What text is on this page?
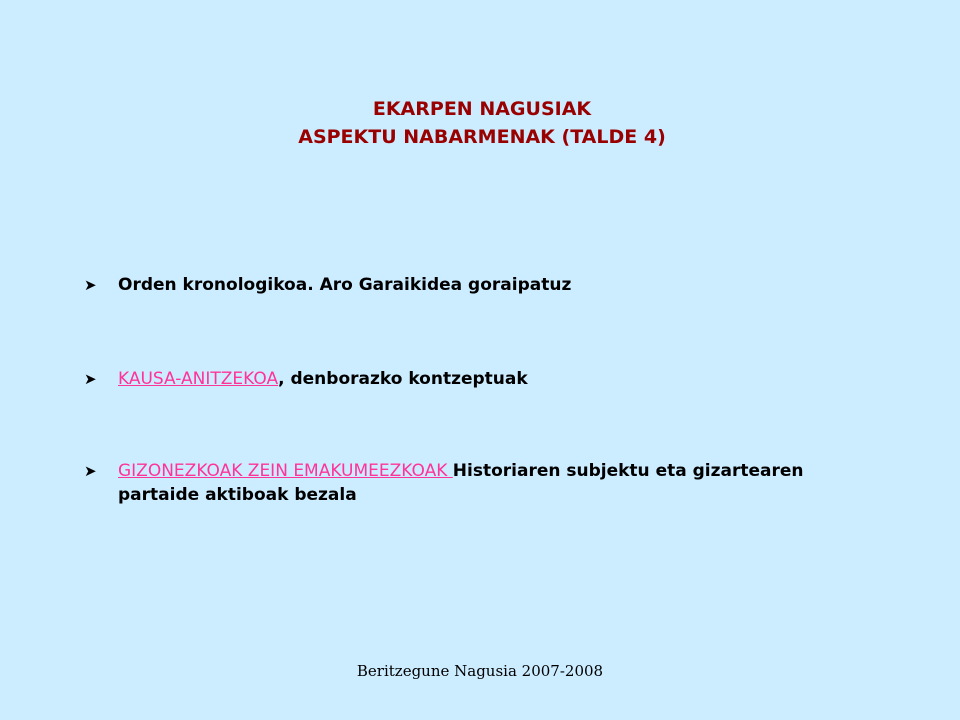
EKARPEN NAGUSIAK
ASPEKTU NABARMENAK (TALDE 4)
➤	Orden kronologikoa. Aro Garaikidea goraipatuz
➤	KAUSA-ANITZEKOA, denborazko kontzeptuak
➤	GIZONEZKOAK ZEIN EMAKUMEEZKOAK Historiaren subjektu eta gizartearen partaide aktiboak bezala
Beritzegune Nagusia 2007-2008
